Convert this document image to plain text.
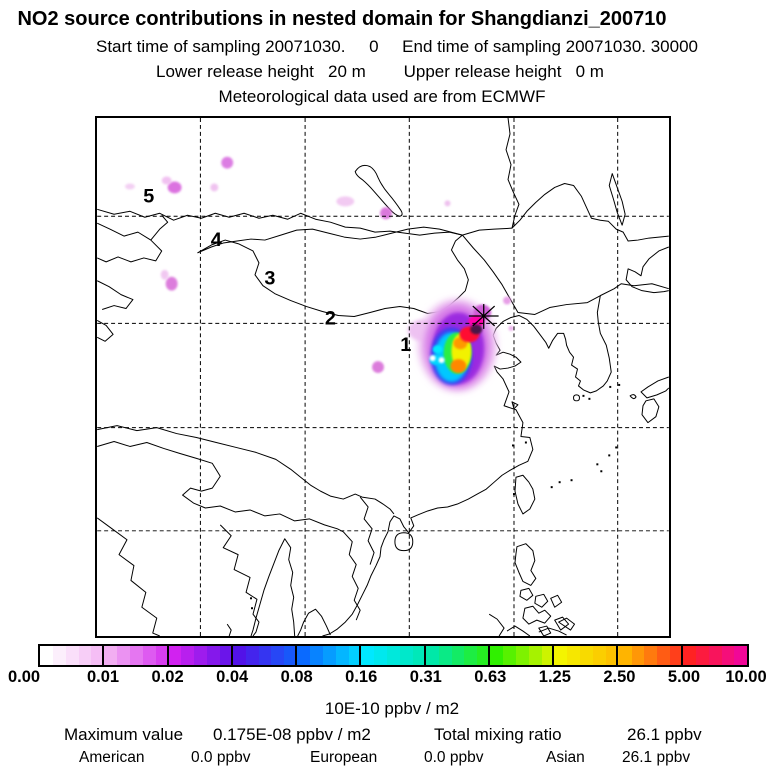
NO2 source contributions in nested domain for Shangdianzi_200710
Start time of sampling 20071030.     0     End time of sampling 20071030. 30000
Lower release height   20 m        Upper release height   0 m
Meteorological data used are from ECMWF
1
2
3
4
5
0.00	0.01	0.02	0.04	0.08	0.16	0.31	0.63	1.25	2.50	5.00	10.00
10E-10 ppbv / m2
Maximum value 0.175E-08 ppbv / m2	Total mixing ratio	26.1 ppbv
American	0.0 ppbv	European	0.0 ppbv	Asian 26.1 ppbv
